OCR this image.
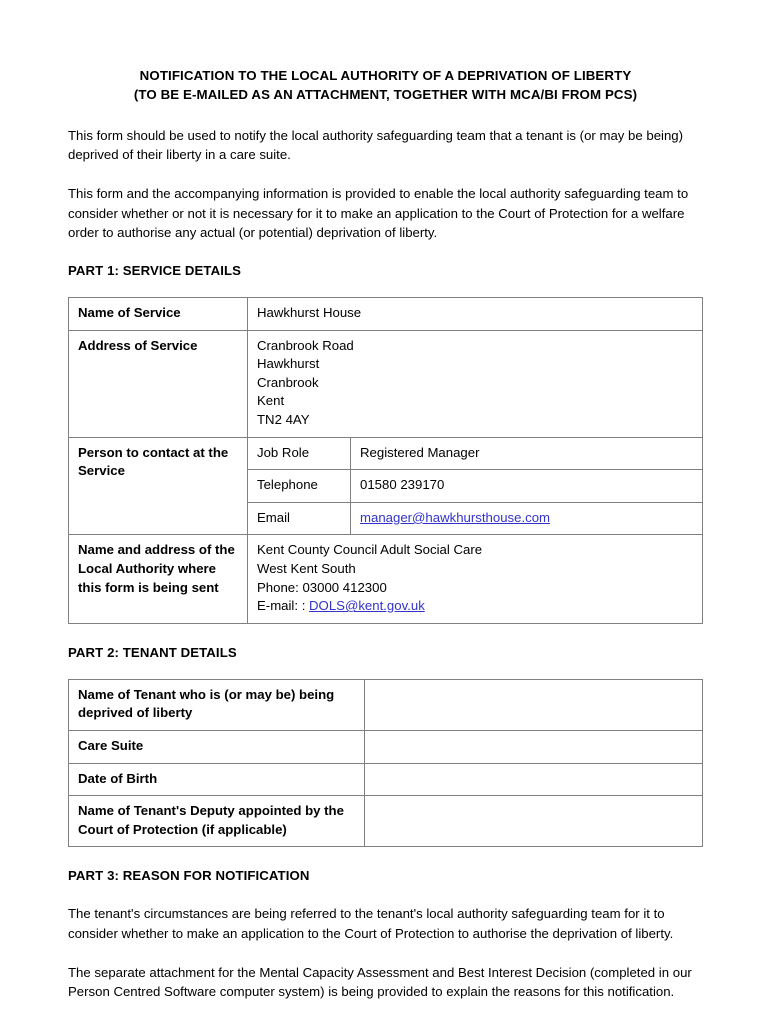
NOTIFICATION TO THE LOCAL AUTHORITY OF A DEPRIVATION OF LIBERTY
(TO BE E-MAILED AS AN ATTACHMENT, TOGETHER WITH MCA/BI FROM PCS)

This form should be used to notify the local authority safeguarding team that a tenant is (or may be being) deprived of their liberty in a care suite.

This form and the accompanying information is provided to enable the local authority safeguarding team to consider whether or not it is necessary for it to make an application to the Court of Protection for a welfare order to authorise any actual (or potential) deprivation of liberty.

PART 1: SERVICE DETAILS
Name of Service	Hawkhurst House	
Address of Service	Cranbrook Road
Hawkhurst
Cranbrook
Kent
TN2 4AY	

Person to contact at the Service	Job Role	Registered Manager
	Telephone	01580 239170
	Email	manager@hawkhursthouse.com
Name and address of the Local Authority where this form is being sent	Kent County Council Adult Social Care
West Kent South
Phone: 03000 412300
E-mail: : DOLS@kent.gov.uk	
PART 2: TENANT DETAILS
Name of Tenant who is (or may be) being deprived of liberty	
Care Suite	
Date of Birth	
Name of Tenant's Deputy appointed by the Court of Protection (if applicable)	
PART 3: REASON FOR NOTIFICATION

The tenant's circumstances are being referred to the tenant's local authority safeguarding team for it to consider whether to make an application to the Court of Protection to authorise the deprivation of liberty.

The separate attachment for the Mental Capacity Assessment and Best Interest Decision (completed in our Person Centred Software computer system) is being provided to explain the reasons for this notification.
